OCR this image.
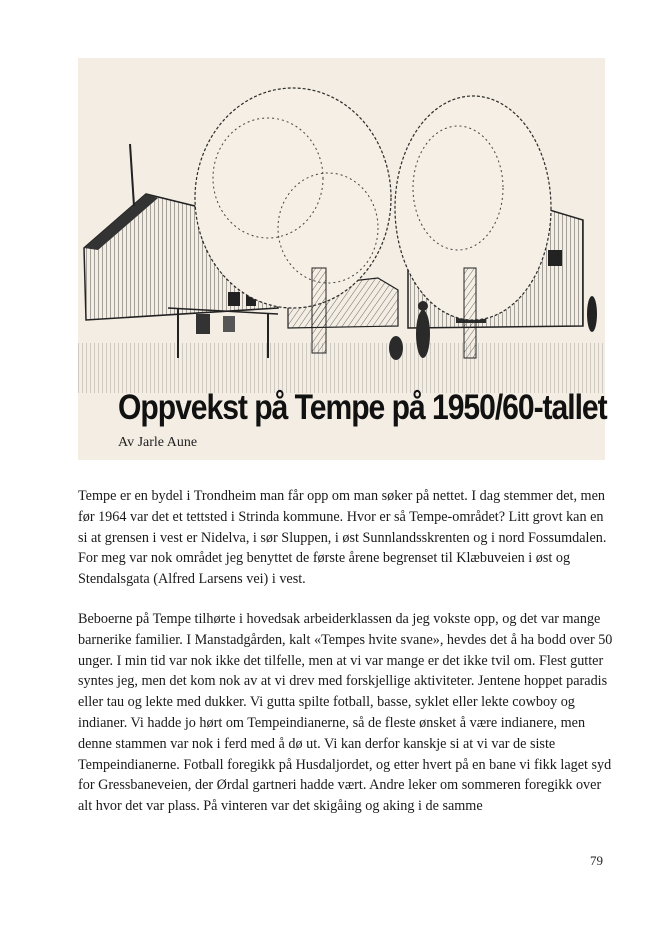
Oppvekst på Tempe på 1950/60-tallet
Av Jarle Aune

Tempe er en bydel i Trondheim man får opp om man søker på nettet. I dag stemmer det, men før 1964 var det et tettsted i Strinda kommune. Hvor er så Tempe-området? Litt grovt kan en si at grensen i vest er Nidelva, i sør Sluppen, i øst Sunnlandsskrenten og i nord Fossumdalen. For meg var nok området jeg benyttet de første årene begrenset til Klæbuveien i øst og Stendalsgata (Alfred Larsens vei) i vest.

Beboerne på Tempe tilhørte i hovedsak arbeiderklassen da jeg vokste opp, og det var mange barnerike familier. I Manstadgården, kalt «Tempes hvite svane», hevdes det å ha bodd over 50 unger. I min tid var nok ikke det tilfelle, men at vi var mange er det ikke tvil om. Flest gutter syntes jeg, men det kom nok av at vi drev med forskjellige aktiviteter. Jentene hoppet paradis eller tau og lekte med dukker. Vi gutta spilte fotball, basse, syklet eller lekte cowboy og indianer. Vi hadde jo hørt om Tempeindianerne, så de fleste ønsket å være indianere, men denne stammen var nok i ferd med å dø ut. Vi kan derfor kanskje si at vi var de siste Tempeindianerne. Fotball foregikk på Husdaljordet, og etter hvert på en bane vi fikk laget syd for Gressbaneveien, der Ørdal gartneri hadde vært. Andre leker om sommeren foregikk over alt hvor det var plass. På vinteren var det skigåing og aking i de samme

79
